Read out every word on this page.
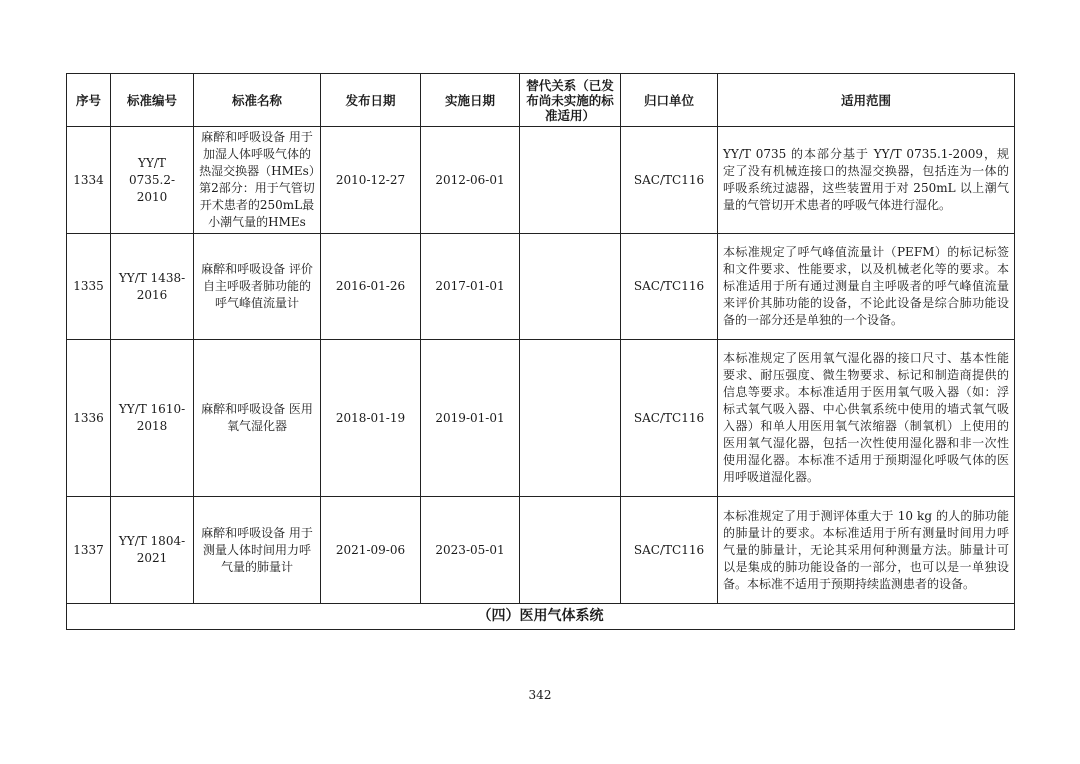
序号	标准编号	标准名称	发布日期	实施日期	替代关系（已发布尚未实施的标准适用）	归口单位	适用范围
1334	YY/T 0735.2-2010	麻醉和呼吸设备 用于加湿人体呼吸气体的热湿交换器（HMEs）第2部分：用于气管切开术患者的250mL最小潮气量的HMEs	2010-12-27	2012-06-01		SAC/TC116	YY/T 0735 的本部分基于 YY/T 0735.1-2009，规定了没有机械连接口的热湿交换器，包括连为一体的呼吸系统过滤器，这些装置用于对 250mL 以上潮气量的气管切开术患者的呼吸气体进行湿化。
1335	YY/T 1438-2016	麻醉和呼吸设备 评价自主呼吸者肺功能的呼气峰值流量计	2016-01-26	2017-01-01		SAC/TC116	本标准规定了呼气峰值流量计（PEFM）的标记标签和文件要求、性能要求，以及机械老化等的要求。本标准适用于所有通过测量自主呼吸者的呼气峰值流量来评价其肺功能的设备，不论此设备是综合肺功能设备的一部分还是单独的一个设备。
1336	YY/T 1610-2018	麻醉和呼吸设备 医用氧气湿化器	2018-01-19	2019-01-01		SAC/TC116	本标准规定了医用氧气湿化器的接口尺寸、基本性能要求、耐压强度、微生物要求、标记和制造商提供的信息等要求。本标准适用于医用氧气吸入器（如：浮标式氧气吸入器、中心供氧系统中使用的墙式氧气吸入器）和单人用医用氧气浓缩器（制氧机）上使用的医用氧气湿化器，包括一次性使用湿化器和非一次性使用湿化器。本标准不适用于预期湿化呼吸气体的医用呼吸道湿化器。
1337	YY/T 1804-2021	麻醉和呼吸设备 用于测量人体时间用力呼气量的肺量计	2021-09-06	2023-05-01		SAC/TC116	本标准规定了用于测评体重大于 10 kg 的人的肺功能的肺量计的要求。本标准适用于所有测量时间用力呼气量的肺量计，无论其采用何种测量方法。肺量计可以是集成的肺功能设备的一部分，也可以是一单独设备。本标准不适用于预期持续监测患者的设备。
（四）医用气体系统							
342
